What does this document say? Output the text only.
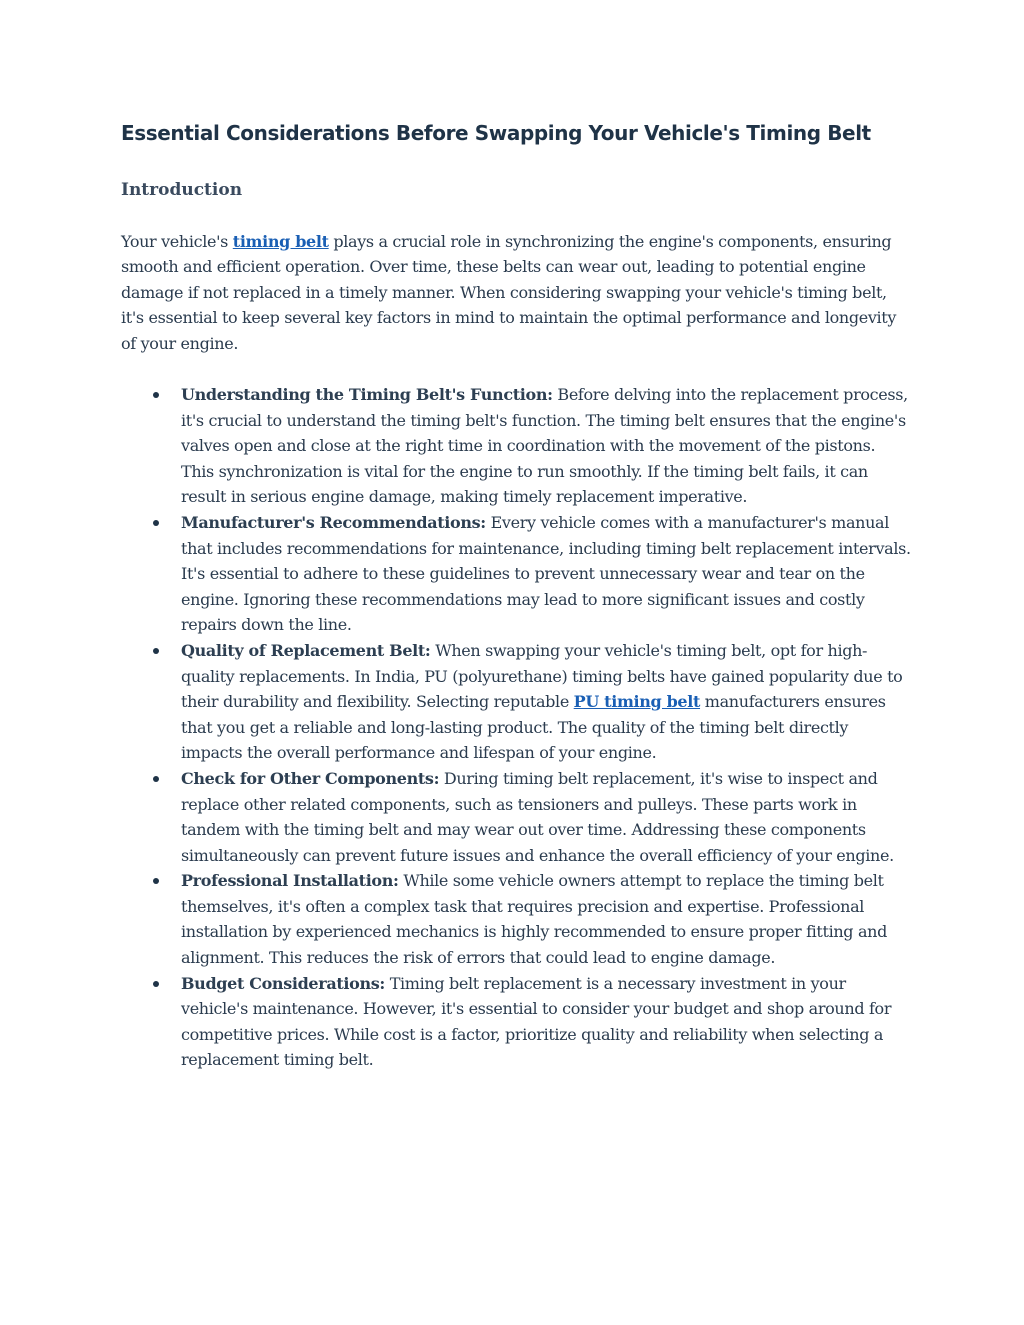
Essential Considerations Before Swapping Your Vehicle's Timing Belt
Introduction

Your vehicle's timing belt plays a crucial role in synchronizing the engine's components, ensuring smooth and efficient operation. Over time, these belts can wear out, leading to potential engine damage if not replaced in a timely manner. When considering swapping your vehicle's timing belt, it's essential to keep several key factors in mind to maintain the optimal performance and longevity of your engine.

Understanding the Timing Belt's Function: Before delving into the replacement process, it's crucial to understand the timing belt's function. The timing belt ensures that the engine's valves open and close at the right time in coordination with the movement of the pistons. This synchronization is vital for the engine to run smoothly. If the timing belt fails, it can result in serious engine damage, making timely replacement imperative.
Manufacturer's Recommendations: Every vehicle comes with a manufacturer's manual that includes recommendations for maintenance, including timing belt replacement intervals. It's essential to adhere to these guidelines to prevent unnecessary wear and tear on the engine. Ignoring these recommendations may lead to more significant issues and costly repairs down the line.
Quality of Replacement Belt: When swapping your vehicle's timing belt, opt for high-quality replacements. In India, PU (polyurethane) timing belts have gained popularity due to their durability and flexibility. Selecting reputable PU timing belt manufacturers ensures that you get a reliable and long-lasting product. The quality of the timing belt directly impacts the overall performance and lifespan of your engine.
Check for Other Components: During timing belt replacement, it's wise to inspect and replace other related components, such as tensioners and pulleys. These parts work in tandem with the timing belt and may wear out over time. Addressing these components simultaneously can prevent future issues and enhance the overall efficiency of your engine.
Professional Installation: While some vehicle owners attempt to replace the timing belt themselves, it's often a complex task that requires precision and expertise. Professional installation by experienced mechanics is highly recommended to ensure proper fitting and alignment. This reduces the risk of errors that could lead to engine damage.
Budget Considerations: Timing belt replacement is a necessary investment in your vehicle's maintenance. However, it's essential to consider your budget and shop around for competitive prices. While cost is a factor, prioritize quality and reliability when selecting a replacement timing belt.
